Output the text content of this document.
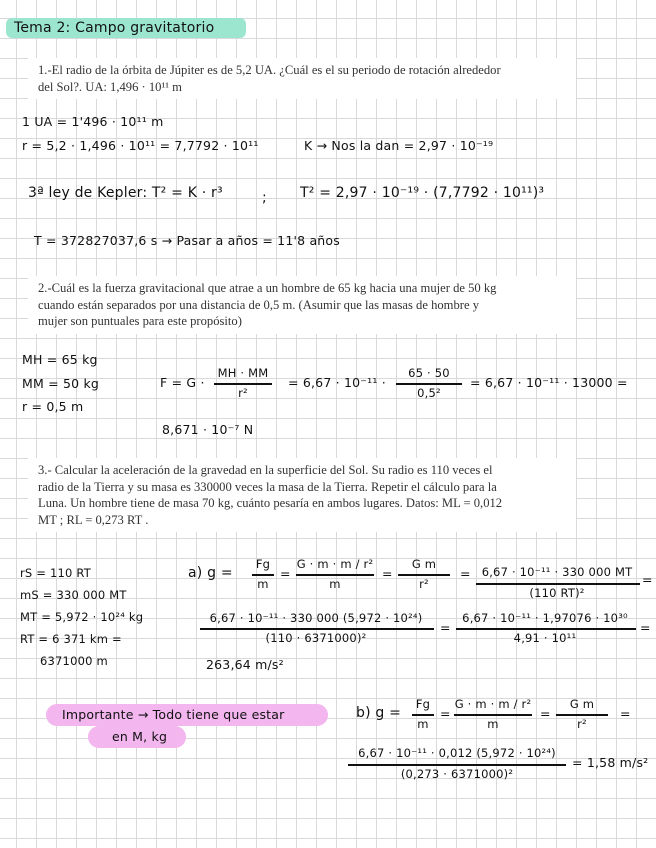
Tema 2: Campo gravitatorio
1.-El radio de la órbita de Júpiter es de 5,2 UA. ¿Cuál es el su periodo de rotación alrededor
del Sol?. UA: 1,496 · 10¹¹ m
1 UA = 1'496 · 10¹¹ m
r = 5,2 · 1,496 · 10¹¹ = 7,7792 · 10¹¹	K → Nos la dan = 2,97 · 10⁻¹⁹
3ª ley de Kepler: T² = K · r³	; T² = 2,97 · 10⁻¹⁹ · (7,7792 · 10¹¹)³
T = 372827037,6 s → Pasar a años = 11'8 años
2.-Cuál es la fuerza gravitacional que atrae a un hombre de 65 kg hacia una mujer de 50 kg
cuando están separados por una distancia de 0,5 m. (Asumir que las masas de hombre y
mujer son puntuales para este propósito)
MH = 65 kg
MM = 50 kg
r = 0,5 m
F = G ·
MH · MM
r²
= 6,67 · 10⁻¹¹ ·
65 · 50
0,5²
= 6,67 · 10⁻¹¹ · 13000 =
8,671 · 10⁻⁷ N
3.- Calcular la aceleración de la gravedad en la superficie del Sol. Su radio es 110 veces el
radio de la Tierra y su masa es 330000 veces la masa de la Tierra. Repetir el cálculo para la
Luna. Un hombre tiene de masa 70 kg, cuánto pesaría en ambos lugares. Datos: ML = 0,012
MT ; RL = 0,273 RT .
rS = 110 RT
mS = 330 000 MT
MT = 5,972 · 10²⁴ kg
RT = 6 371 km =
6371000 m
a) g =
Fg
m
=
G · m · m / r²
m
=
G m
r²
= 6,67 · 10⁻¹¹ · 330 000 MT
(110 RT)²
=
6,67 · 10⁻¹¹ · 330 000 (5,972 · 10²⁴)
(110 · 6371000)²
=
6,67 · 10⁻¹¹ · 1,97076 · 10³⁰
4,91 · 10¹¹
=
263,64 m/s²
Importante → Todo tiene que estar
en M, kg
b) g =
Fg
m
=
G · m · m / r²
m
=
G m
r²
=
6,67 · 10⁻¹¹ · 0,012 (5,972 · 10²⁴)
(0,273 · 6371000)²
= 1,58 m/s²
